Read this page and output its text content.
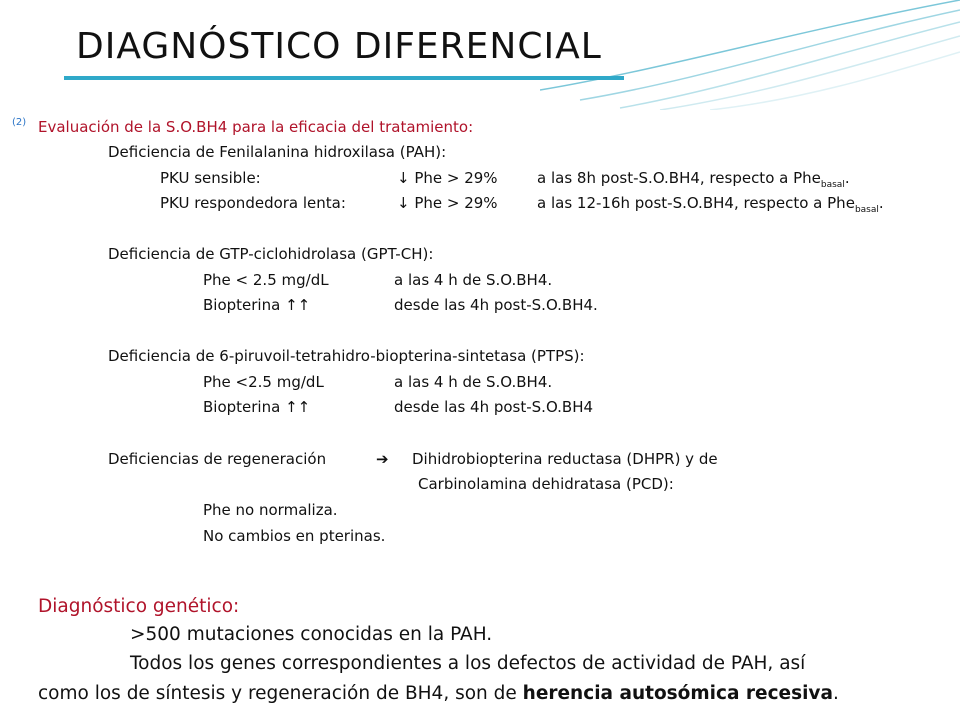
DIAGNÓSTICO DIFERENCIAL
(2) Evaluación de la S.O.BH4 para la eficacia del tratamiento:
Deficiencia de Fenilalanina hidroxilasa (PAH):
PKU sensible:	↓ Phe > 29%	a las 8h post-S.O.BH4, respecto a Phe$_{basal}$.
PKU respondedora lenta:	↓ Phe > 29%	a las 12-16h post-S.O.BH4, respecto a Phe$_{basal}$.
Deficiencia de GTP-ciclohidrolasa (GPT-CH):
Phe < 2.5 mg/dL	a las 4 h de S.O.BH4.
Biopterina ↑↑	desde las 4h post-S.O.BH4.
Deficiencia de 6-piruvoil-tetrahidro-biopterina-sintetasa (PTPS):
Phe <2.5 mg/dL	a las 4 h de S.O.BH4.
Biopterina ↑↑	desde las 4h post-S.O.BH4
Deficiencias de regeneración	➔ Dihidrobiopterina reductasa (DHPR) y de
Carbinolamina dehidratasa (PCD):
Phe no normaliza.
No cambios en pterinas.
Diagnóstico genético:
>500 mutaciones conocidas en la PAH.
Todos los genes correspondientes a los defectos de actividad de PAH, así
como los de síntesis y regeneración de BH4, son de herencia autosómica recesiva.
